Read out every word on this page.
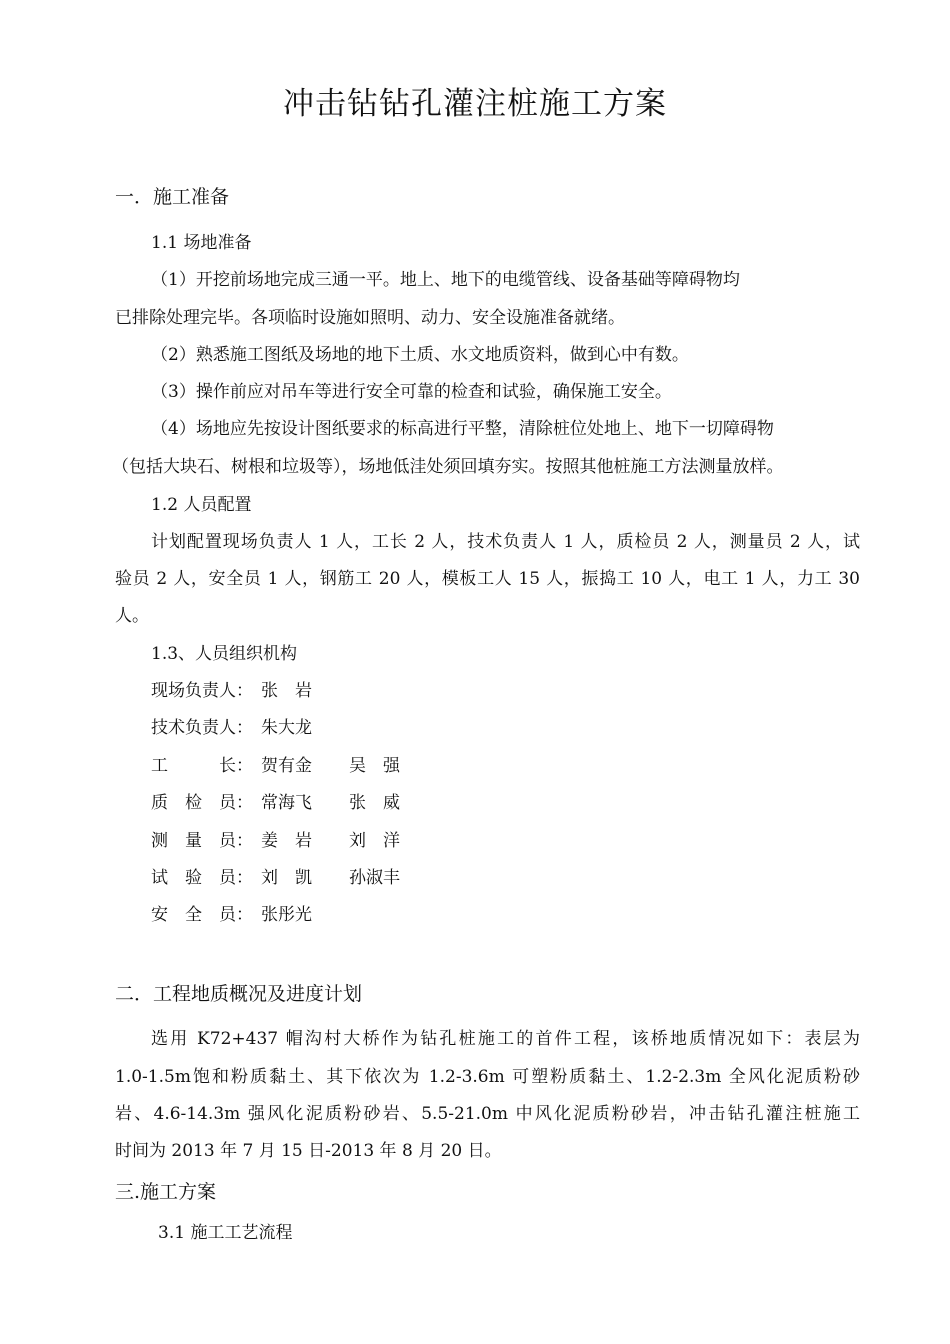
冲击钻钻孔灌注桩施工方案
一．施工准备
1.1 场地准备
（1）开挖前场地完成三通一平。地上、地下的电缆管线、设备基础等障碍物均
已排除处理完毕。各项临时设施如照明、动力、安全设施准备就绪。
（2）熟悉施工图纸及场地的地下土质、水文地质资料，做到心中有数。
（3）操作前应对吊车等进行安全可靠的检查和试验，确保施工安全。
（4）场地应先按设计图纸要求的标高进行平整，清除桩位处地上、地下一切障碍物
（包括大块石、树根和垃圾等），场地低洼处须回填夯实。按照其他桩施工方法测量放样。
1.2 人员配置
计划配置现场负责人 1 人，工长 2 人，技术负责人 1 人，质检员 2 人，测量员 2 人，试
验员 2 人，安全员 1 人，钢筋工 20 人，模板工人 15 人，振捣工 10 人，电工 1 人，力工 30
人。
1.3、人员组织机构
现场负责人： 张　岩
技术负责人： 朱大龙
工　　　长： 贺有金 吴　强
质　检　员： 常海飞 张　威
测　量　员： 姜　岩 刘　洋
试　验　员： 刘　凯 孙淑丰
安　全　员： 张彤光
二．工程地质概况及进度计划
选用 K72+437 帽沟村大桥作为钻孔桩施工的首件工程，该桥地质情况如下：表层为
1.0-1.5m饱和粉质黏土、其下依次为 1.2-3.6m 可塑粉质黏土、1.2-2.3m 全风化泥质粉砂
岩、4.6-14.3m 强风化泥质粉砂岩、5.5-21.0m 中风化泥质粉砂岩，冲击钻孔灌注桩施工
时间为 2013 年 7 月 15 日-2013 年 8 月 20 日。
三.施工方案
3.1 施工工艺流程
